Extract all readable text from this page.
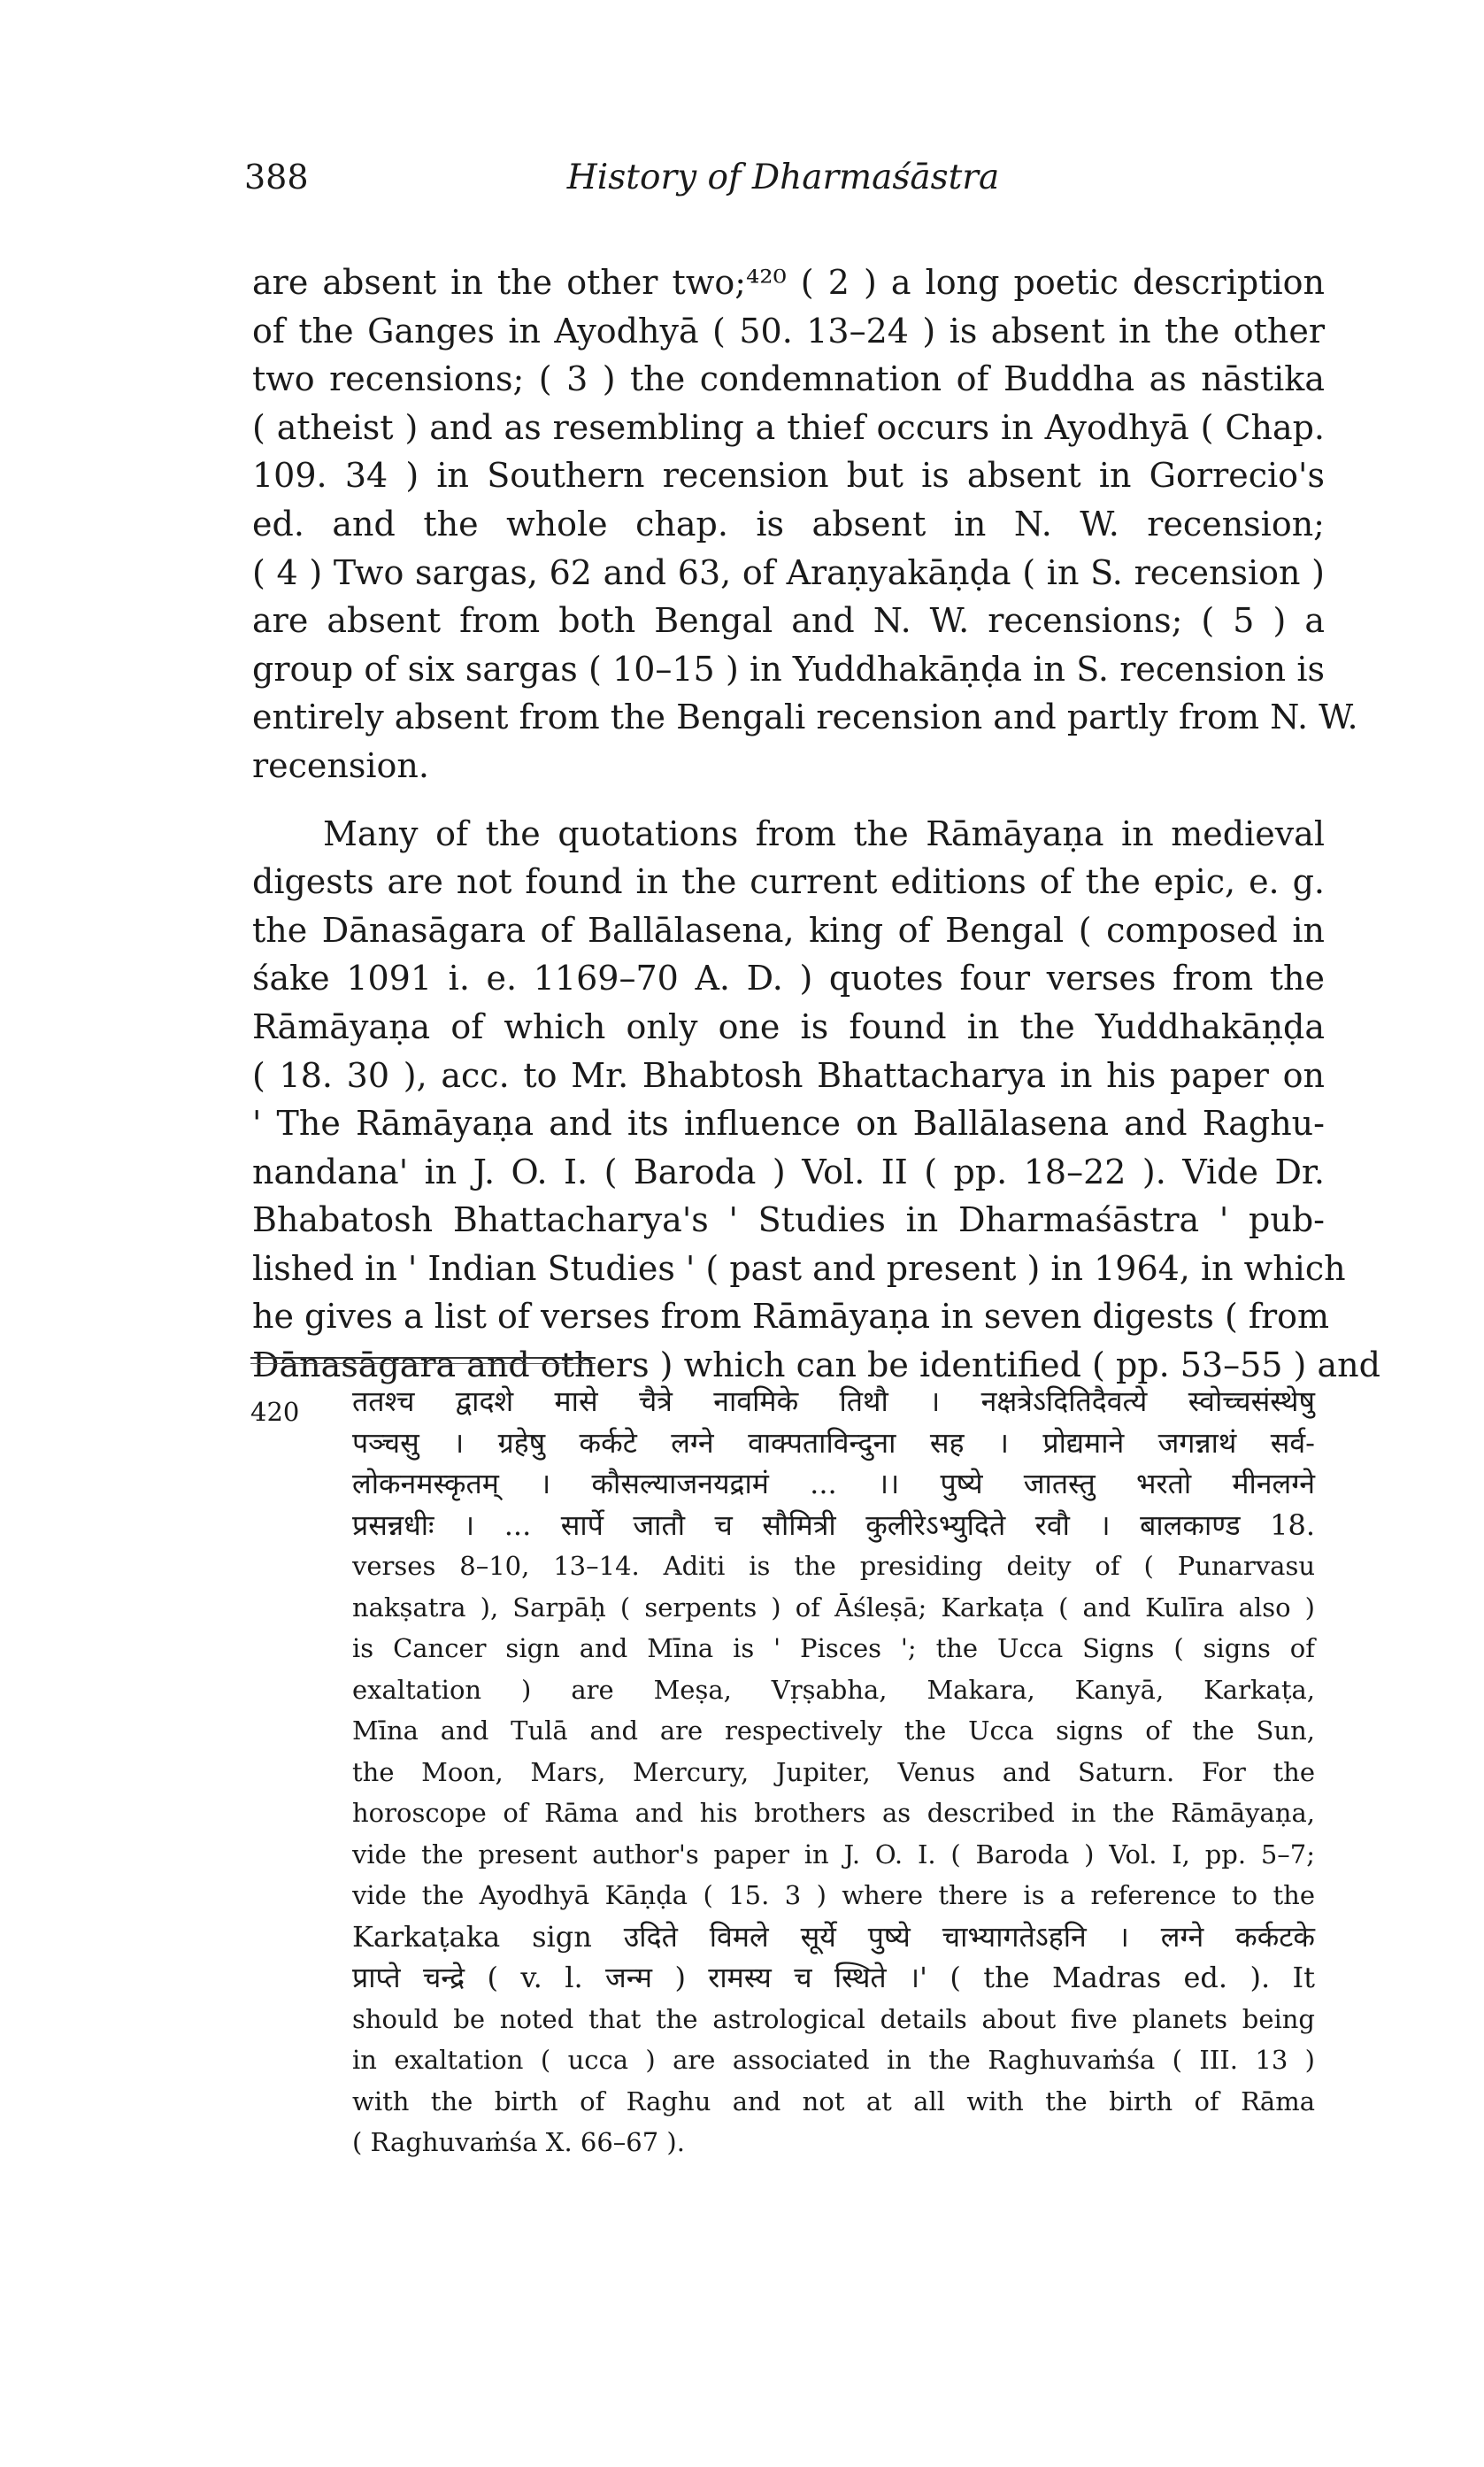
388	History of Dharmaśāstra
are absent in the other two;⁴²⁰ ( 2 ) a long poetic description
of the Ganges in Ayodhyā ( 50. 13–24 ) is absent in the other
two recensions; ( 3 ) the condemnation of Buddha as nāstika
( atheist ) and as resembling a thief occurs in Ayodhyā ( Chap.
109. 34 ) in Southern recension but is absent in Gorrecio's
ed. and the whole chap. is absent in N. W. recension;
( 4 ) Two sargas, 62 and 63, of Araṇyakāṇḍa ( in S. recension )
are absent from both Bengal and N. W. recensions; ( 5 ) a
group of six sargas ( 10–15 ) in Yuddhakāṇḍa in S. recension is
entirely absent from the Bengali recension and partly from N. W.
recension.
Many of the quotations from the Rāmāyaṇa in medieval
digests are not found in the current editions of the epic, e. g.
the Dānasāgara of Ballālasena, king of Bengal ( composed in
śake 1091 i. e. 1169–70 A. D. ) quotes four verses from the
Rāmāyaṇa of which only one is found in the Yuddhakāṇḍa
( 18. 30 ), acc. to Mr. Bhabtosh Bhattacharya in his paper on
' The Rāmāyaṇa and its influence on Ballālasena and Raghu-
nandana' in J. O. I. ( Baroda ) Vol. II ( pp. 18–22 ). Vide Dr.
Bhabatosh Bhattacharya's ' Studies in Dharmaśāstra ' pub-
lished in ' Indian Studies ' ( past and present ) in 1964, in which
he gives a list of verses from Rāmāyaṇa in seven digests ( from
Dānasāgara and others ) which can be identified ( pp. 53–55 ) and
420 ततश्च द्वादशे मासे चैत्रे नावमिके तिथौ । नक्षत्रेऽदितिदैवत्ये स्वोच्चसंस्थेषु
पञ्चसु । ग्रहेषु कर्कटे लग्ने वाक्पताविन्दुना सह । प्रोद्यमाने जगन्नाथं सर्व-
लोकनमस्कृतम् । कौसल्याजनयद्रामं ... ।। पुष्ये जातस्तु भरतो मीनलग्ने
प्रसन्नधीः । ... सार्पे जातौ च सौमित्री कुलीरेऽभ्युदिते रवौ । बालकाण्ड 18.
verses 8–10, 13–14. Aditi is the presiding deity of ( Punarvasu
nakṣatra ), Sarpāḥ ( serpents ) of Āśleṣā; Karkaṭa ( and Kulīra also )
is Cancer sign and Mīna is ' Pisces '; the Ucca Signs ( signs of
exaltation ) are Meṣa, Vṛṣabha, Makara, Kanyā, Karkaṭa,
Mīna and Tulā and are respectively the Ucca signs of the Sun,
the Moon, Mars, Mercury, Jupiter, Venus and Saturn. For the
horoscope of Rāma and his brothers as described in the Rāmāyaṇa,
vide the present author's paper in J. O. I. ( Baroda ) Vol. I, pp. 5–7;
vide the Ayodhyā Kāṇḍa ( 15. 3 ) where there is a reference to the
Karkaṭaka sign उदिते विमले सूर्ये पुष्ये चाभ्यागतेऽहनि । लग्ने कर्कटके
प्राप्ते चन्द्रे ( v. l. जन्म ) रामस्य च स्थिते ।' ( the Madras ed. ). It
should be noted that the astrological details about five planets being
in exaltation ( ucca ) are associated in the Raghuvaṁśa ( III. 13 )
with the birth of Raghu and not at all with the birth of Rāma
( Raghuvaṁśa X. 66–67 ).
